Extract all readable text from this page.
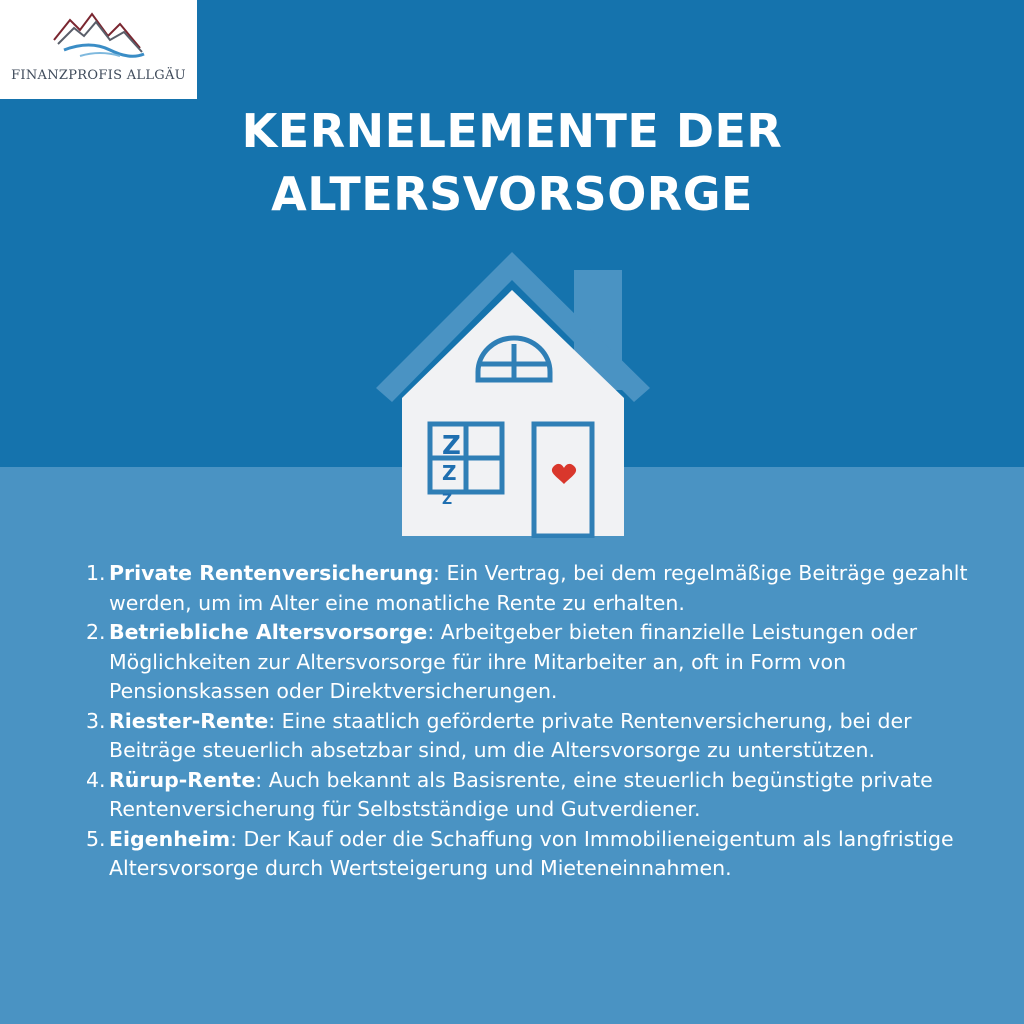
FINANZPROFIS ALLGÄU
KERNELEMENTE DER
ALTERSVORSORGE
Z
Z
Z
1. Private Rentenversicherung: Ein Vertrag, bei dem regelmäßige Beiträge gezahlt werden, um im Alter eine monatliche Rente zu erhalten.
2. Betriebliche Altersvorsorge: Arbeitgeber bieten finanzielle Leistungen oder Möglichkeiten zur Altersvorsorge für ihre Mitarbeiter an, oft in Form von Pensionskassen oder Direktversicherungen.
3. Riester-Rente: Eine staatlich geförderte private Rentenversicherung, bei der Beiträge steuerlich absetzbar sind, um die Altersvorsorge zu unterstützen.
4. Rürup-Rente: Auch bekannt als Basisrente, eine steuerlich begünstigte private Rentenversicherung für Selbstständige und Gutverdiener.
5. Eigenheim: Der Kauf oder die Schaffung von Immobilieneigentum als langfristige Altersvorsorge durch Wertsteigerung und Mieteneinnahmen.
